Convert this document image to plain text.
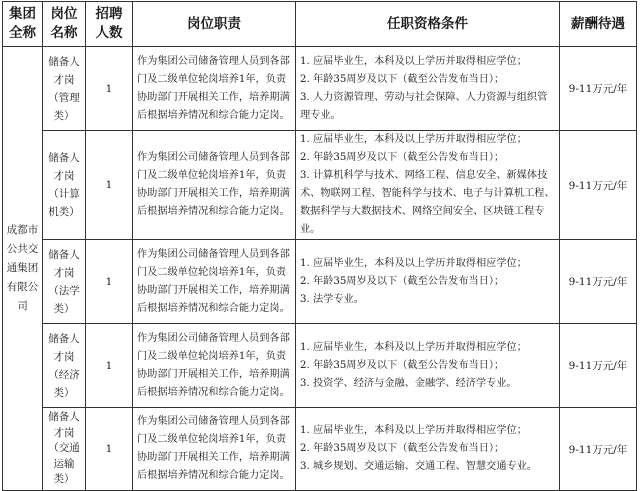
集团
全称	岗位
名称	招聘
人数	岗位职责	任职资格条件	薪酬待遇

成都市
公共交
通集团
有限公
司	储备人
才岗
（管理
类）	1	作为集团公司储备管理人员到各部门及二级单位轮岗培养1年，负责协助部门开展相关工作，培养期满后根据培养情况和综合能力定岗。	1. 应届毕业生，本科及以上学历并取得相应学位；
2. 年龄35周岁及以下（截至公告发布当日）；
3. 人力资源管理、劳动与社会保障、人力资源与组织管理专业。	9-11万元/年

	储备人
才岗
（计算
机类）	1	作为集团公司储备管理人员到各部门及二级单位轮岗培养1年，负责协助部门开展相关工作，培养期满后根据培养情况和综合能力定岗。	1. 应届毕业生，本科及以上学历并取得相应学位；
2. 年龄35周岁及以下（截至公告发布当日）；
3. 计算机科学与技术、网络工程、信息安全、新媒体技术、物联网工程、智能科学与技术、电子与计算机工程、数据科学与大数据技术、网络空间安全、区块链工程专业。	9-11万元/年

	储备人
才岗
（法学
类）	1	作为集团公司储备管理人员到各部门及二级单位轮岗培养1年，负责协助部门开展相关工作，培养期满后根据培养情况和综合能力定岗。	1. 应届毕业生，本科及以上学历并取得相应学位；
2. 年龄35周岁及以下（截至公告发布当日）；
3. 法学专业。	9-11万元/年

	储备人
才岗
（经济
类）	1	作为集团公司储备管理人员到各部门及二级单位轮岗培养1年，负责协助部门开展相关工作，培养期满后根据培养情况和综合能力定岗。	1. 应届毕业生，本科及以上学历并取得相应学位；
2. 年龄35周岁及以下（截至公告发布当日）；
3. 投资学、经济与金融、金融学、经济学专业。	9-11万元/年

	储备人
才岗
（交通
运输
类）	1	作为集团公司储备管理人员到各部门及二级单位轮岗培养1年，负责协助部门开展相关工作，培养期满后根据培养情况和综合能力定岗。	1. 应届毕业生，本科及以上学历并取得相应学位；
2. 年龄35周岁及以下（截至公告发布当日）；
3. 城乡规划、交通运输、交通工程、智慧交通专业。	9-11万元/年
